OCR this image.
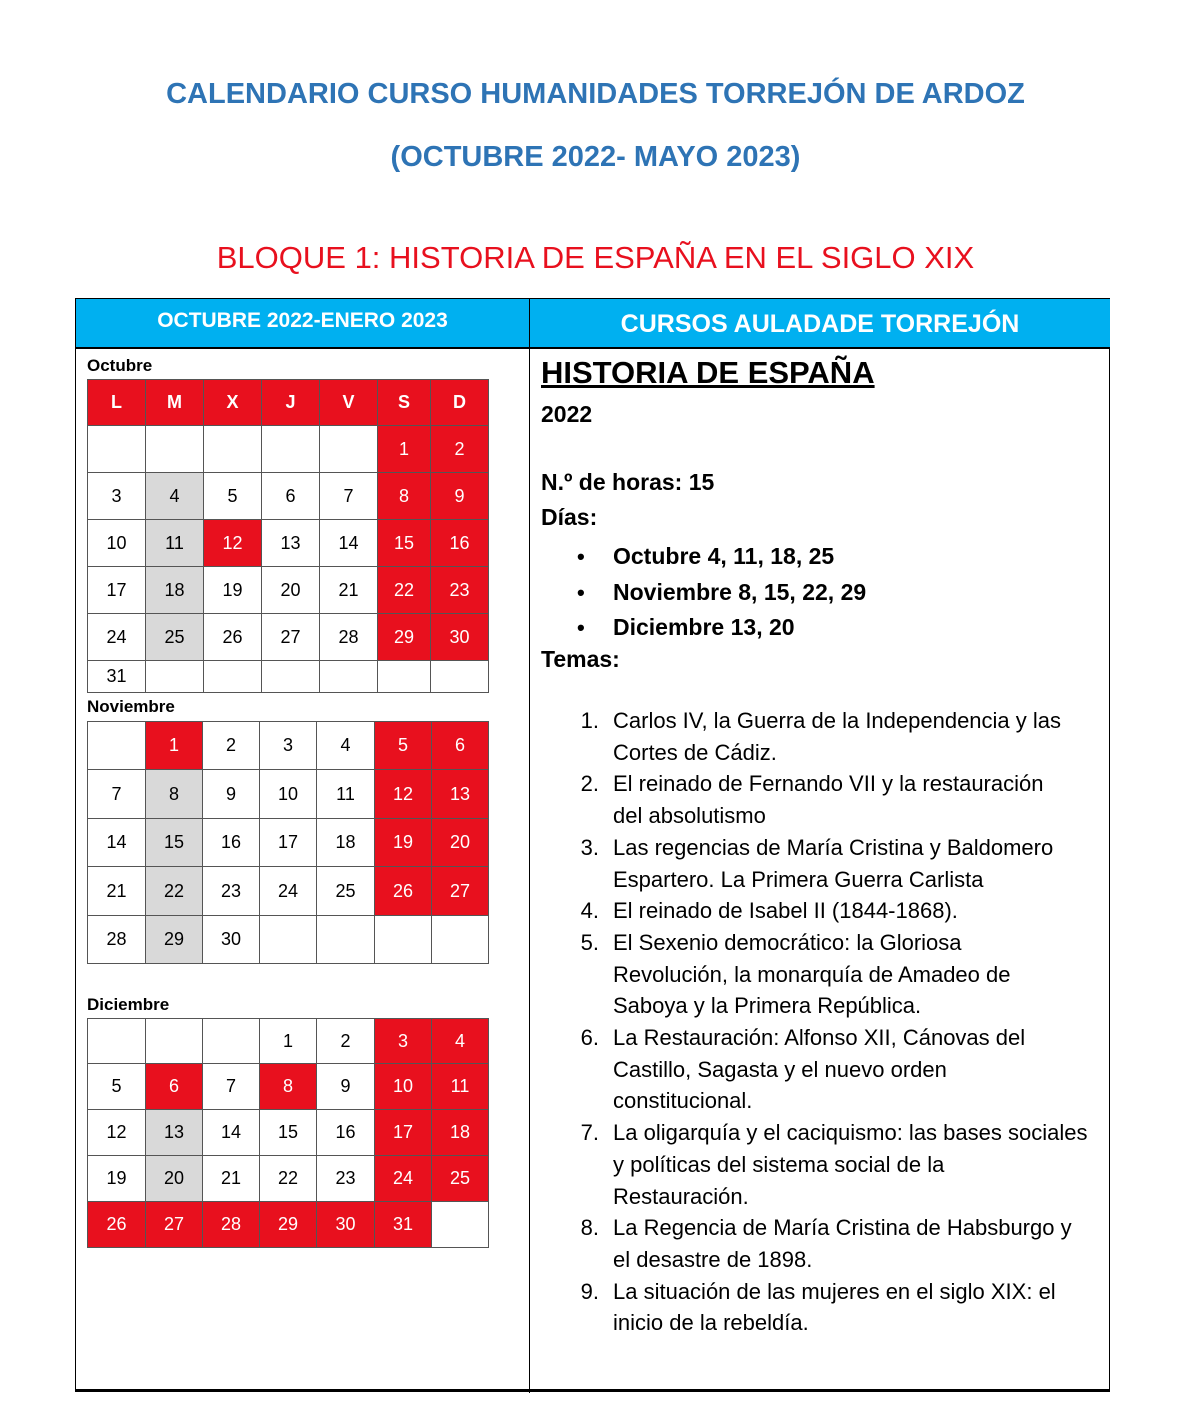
CALENDARIO CURSO HUMANIDADES TORREJÓN DE ARDOZ
(OCTUBRE 2022- MAYO 2023)
BLOQUE 1: HISTORIA DE ESPAÑA EN EL SIGLO XIX
OCTUBRE 2022-ENERO 2023	CURSOS AULADADE TORREJÓN
Octubre
L	M	X	J	V	S	D
					1	2
3	4	5	6	7	8	9
10	11	12	13	14	15	16
17	18	19	20	21	22	23
24	25	26	27	28	29	30
31						
Noviembre
	1	2	3	4	5	6
7	8	9	10	11	12	13
14	15	16	17	18	19	20
21	22	23	24	25	26	27
28	29	30				
Diciembre
			1	2	3	4
5	6	7	8	9	10	11
12	13	14	15	16	17	18
19	20	21	22	23	24	25
26	27	28	29	30	31	
HISTORIA DE ESPAÑA
2022
N.º de horas: 15
Días:
• Octubre 4, 11, 18, 25
• Noviembre 8, 15, 22, 29
• Diciembre 13, 20
Temas:
1. Carlos IV, la Guerra de la Independencia y las
Cortes de Cádiz.
2. El reinado de Fernando VII y la restauración
del absolutismo
3. Las regencias de María Cristina y Baldomero
Espartero. La Primera Guerra Carlista
4. El reinado de Isabel II (1844-1868).
5. El Sexenio democrático: la Gloriosa
Revolución, la monarquía de Amadeo de
Saboya y la Primera República.
6. La Restauración: Alfonso XII, Cánovas del
Castillo, Sagasta y el nuevo orden
constitucional.
7. La oligarquía y el caciquismo: las bases sociales
y políticas del sistema social de la
Restauración.
8. La Regencia de María Cristina de Habsburgo y
el desastre de 1898.
9. La situación de las mujeres en el siglo XIX: el
inicio de la rebeldía.
